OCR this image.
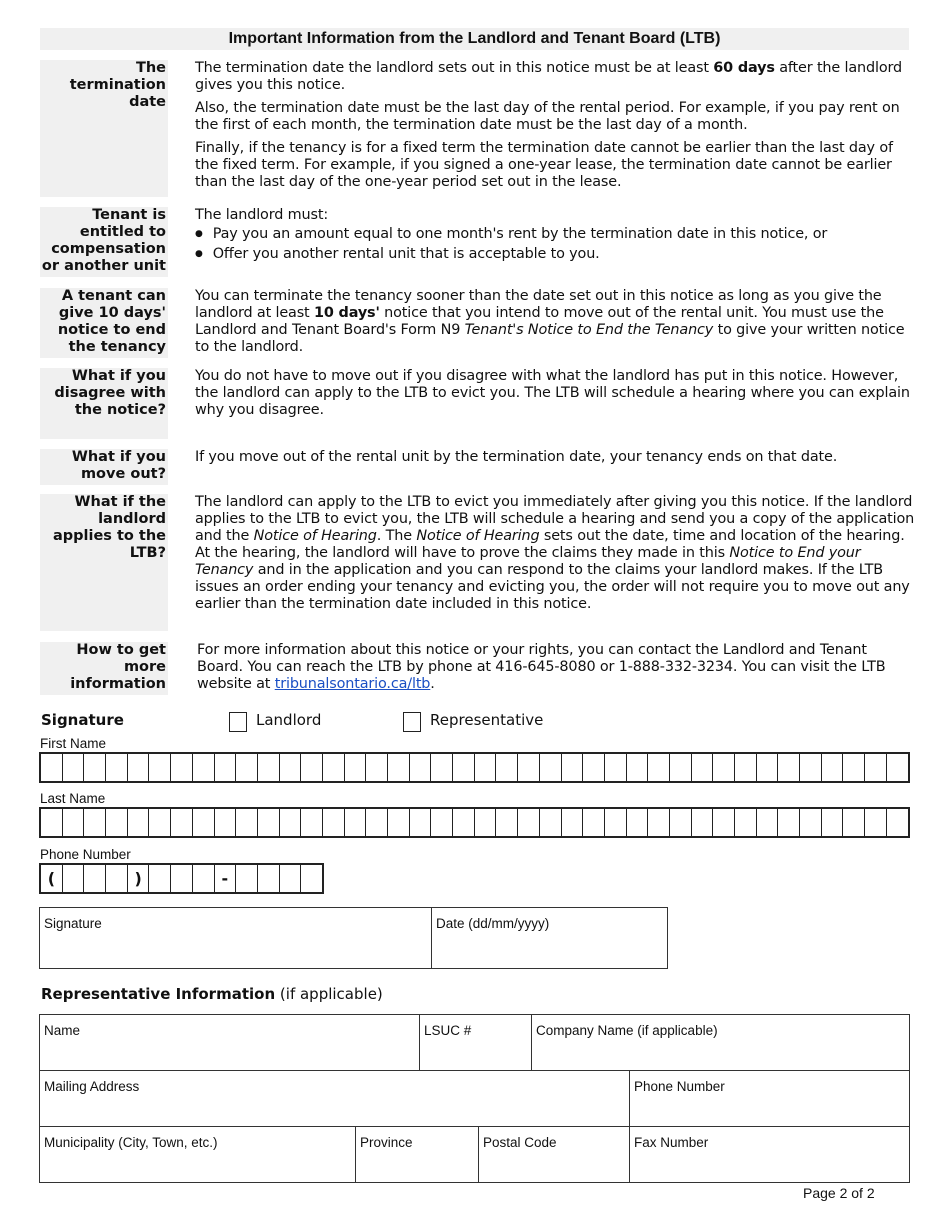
Important Information from the Landlord and Tenant Board (LTB)
The termination date

The termination date the landlord sets out in this notice must be at least 60 days after the landlord gives you this notice.

Also, the termination date must be the last day of the rental period. For example, if you pay rent on the first of each month, the termination date must be the last day of a month.

Finally, if the tenancy is for a fixed term the termination date cannot be earlier than the last day of the fixed term. For example, if you signed a one-year lease, the termination date cannot be earlier than the last day of the one-year period set out in the lease.

Tenant is entitled to compensation or another unit

The landlord must:

● Pay you an amount equal to one month's rent by the termination date in this notice, or
● Offer you another rental unit that is acceptable to you.
A tenant can give 10 days' notice to end the tenancy

You can terminate the tenancy sooner than the date set out in this notice as long as you give the landlord at least 10 days' notice that you intend to move out of the rental unit. You must use the Landlord and Tenant Board's Form N9 Tenant's Notice to End the Tenancy to give your written notice to the landlord.

What if you disagree with the notice?

You do not have to move out if you disagree with what the landlord has put in this notice. However, the landlord can apply to the LTB to evict you. The LTB will schedule a hearing where you can explain why you disagree.

What if you move out?

If you move out of the rental unit by the termination date, your tenancy ends on that date.

What if the landlord applies to the LTB?

The landlord can apply to the LTB to evict you immediately after giving you this notice. If the landlord applies to the LTB to evict you, the LTB will schedule a hearing and send you a copy of the application and the Notice of Hearing. The Notice of Hearing sets out the date, time and location of the hearing. At the hearing, the landlord will have to prove the claims they made in this Notice to End your Tenancy and in the application and you can respond to the claims your landlord makes. If the LTB issues an order ending your tenancy and evicting you, the order will not require you to move out any earlier than the termination date included in this notice.

How to get more information

For more information about this notice or your rights, you can contact the Landlord and Tenant Board. You can reach the LTB by phone at 416-645-8080 or 1-888-332-3234. You can visit the LTB website at tribunalsontario.ca/ltb.

Signature	Landlord	Representative
First Name
Last Name
Phone Number
(	)	-
Signature	Date (dd/mm/yyyy)
Representative Information (if applicable)
Name	LSUC #	Company Name (if applicable)
Mailing Address	Phone Number
Municipality (City, Town, etc.)	Province	Postal Code	Fax Number
Page 2 of 2
